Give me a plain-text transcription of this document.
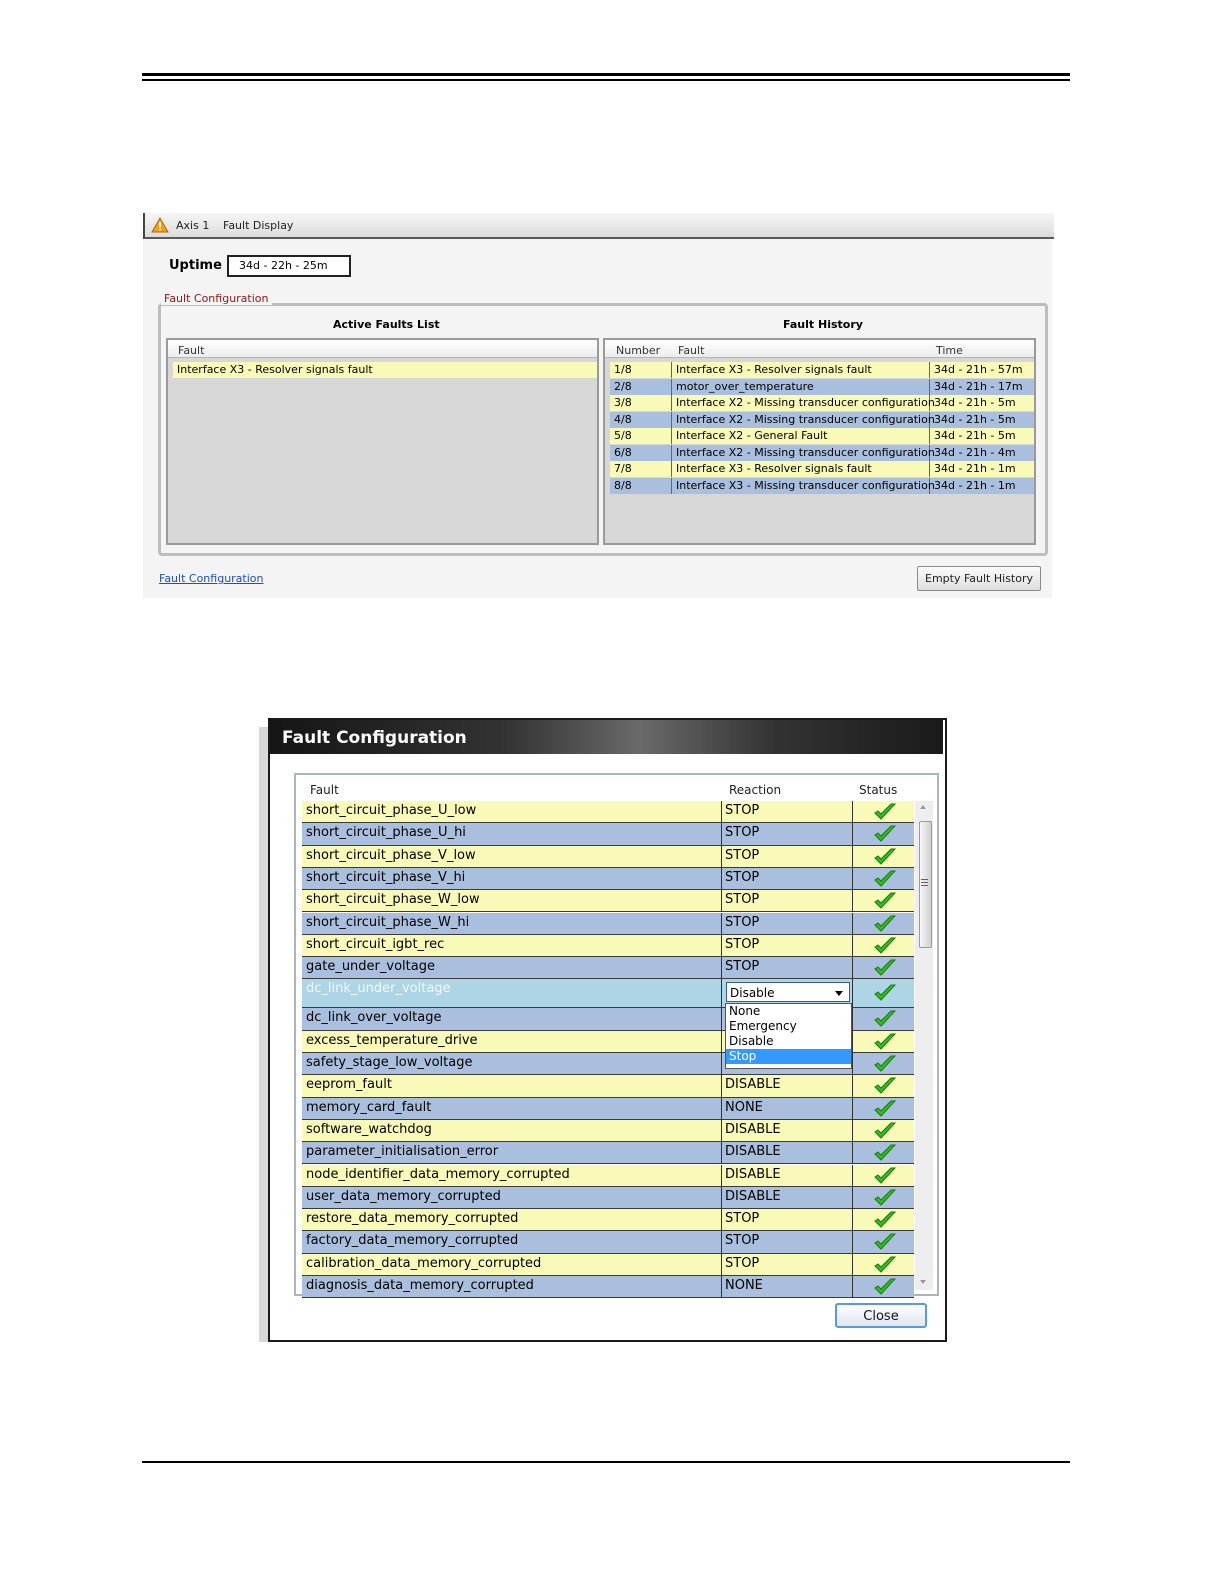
Axis 1 Fault Display
Uptime	34d - 22h - 25m
Fault Configuration
Active Faults List	Fault History
Fault
Interface X3 - Resolver signals fault
Number Fault	Time
1/8	Interface X3 - Resolver signals fault	34d - 21h - 57m
2/8	motor_over_temperature	34d - 21h - 17m
3/8	Interface X2 - Missing transducer configuration 34d - 21h - 5m
4/8	Interface X2 - Missing transducer configuration 34d - 21h - 5m
5/8	Interface X2 - General Fault	34d - 21h - 5m
6/8	Interface X2 - Missing transducer configuration 34d - 21h - 4m
7/8	Interface X3 - Resolver signals fault	34d - 21h - 1m
8/8	Interface X3 - Missing transducer configuration 34d - 21h - 1m
Fault Configuration	Empty Fault History
Fault Configuration
Fault	Reaction	Status
short_circuit_phase_U_low	STOP
short_circuit_phase_U_hi	STOP
short_circuit_phase_V_low	STOP
short_circuit_phase_V_hi	STOP
short_circuit_phase_W_low	STOP
short_circuit_phase_W_hi	STOP
short_circuit_igbt_rec	STOP
gate_under_voltage	STOP
dc_link_under_voltage	Disable
dc_link_over_voltage
excess_temperature_drive
safety_stage_low_voltage
eeprom_fault	DISABLE
memory_card_fault	NONE
software_watchdog	DISABLE
parameter_initialisation_error	DISABLE
node_identifier_data_memory_corrupted	DISABLE
user_data_memory_corrupted	DISABLE
restore_data_memory_corrupted	STOP
factory_data_memory_corrupted	STOP
calibration_data_memory_corrupted	STOP
diagnosis_data_memory_corrupted	NONE
None
Emergency
Disable
Stop
Close
